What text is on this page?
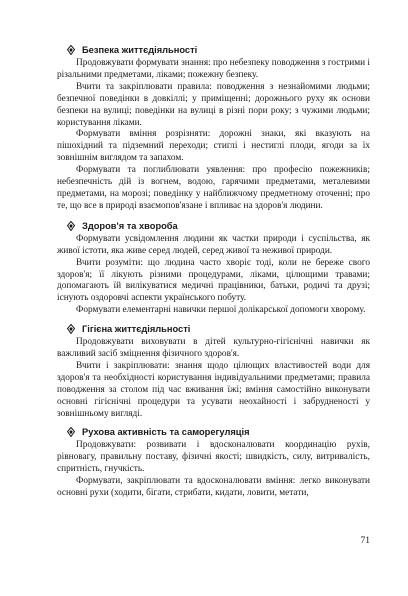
Безпека життєдіяльності

Продовжувати формувати знання: про небезпеку поводження з гострими і різальними предметами, ліками; пожежну безпеку.

Вчити та закріплювати правила: поводження з незнайомими людьми; безпечної поведінки в довкіллі; у приміщенні; дорожнього руху як основи безпеки на вулиці; поведінки на вулиці в різні пори року; з чужими людьми; користування ліками.

Формувати вміння розрізняти: дорожні знаки, які вказують на пішохідний та підземний переходи; стиглі і нестиглі плоди, ягоди за їх зовнішнім виглядом та запахом.

Формувати та поглиблювати уявлення: про професію пожежників; небезпечність дій із вогнем, водою, гарячими предметами, металевими предметами, на морозі; поведінку у найближчому предметному оточенні; про те, що все в природі взаємопов'язане і впливає на здоров'я людини.

Здоров'я та хвороба

Формувати усвідомлення людини як частки природи і суспільства, як живої істоти, яка живе серед людей, серед живої та неживої природи.

Вчити розуміти: що людина часто хворіє тоді, коли не береже свого здоров'я; її лікують різними процедурами, ліками, цілющими травами; допомагають їй вилікуватися медичні працівники, батьки, родичі та друзі; існують оздоровчі аспекти українського побуту.

Формувати елементарні навички першої долікарської допомоги хворому.

Гігієна життєдіяльності

Продовжувати виховувати в дітей культурно-гігієнічні навички як важливий засіб зміцнення фізичного здоров'я.

Вчити і закріплювати: знання щодо цілющих властивостей води для здоров'я та необхідності користування індивідуальними предметами; правила поводження за столом під час вживання їжі; вміння самостійно виконувати основні гігієнічні процедури та усувати неохайності і забрудненості у зовнішньому вигляді.

Рухова активність та саморегуляція

Продовжувати: розвивати і вдосконалювати координацію рухів, рівновагу, правильну поставу, фізичні якості; швидкість, силу, витривалість, спритність, гнучкість.

Формувати, закріплювати та вдосконалювати вміння: легко виконувати основні рухи (ходити, бігати, стрибати, кидати, ловити, метати,

71
